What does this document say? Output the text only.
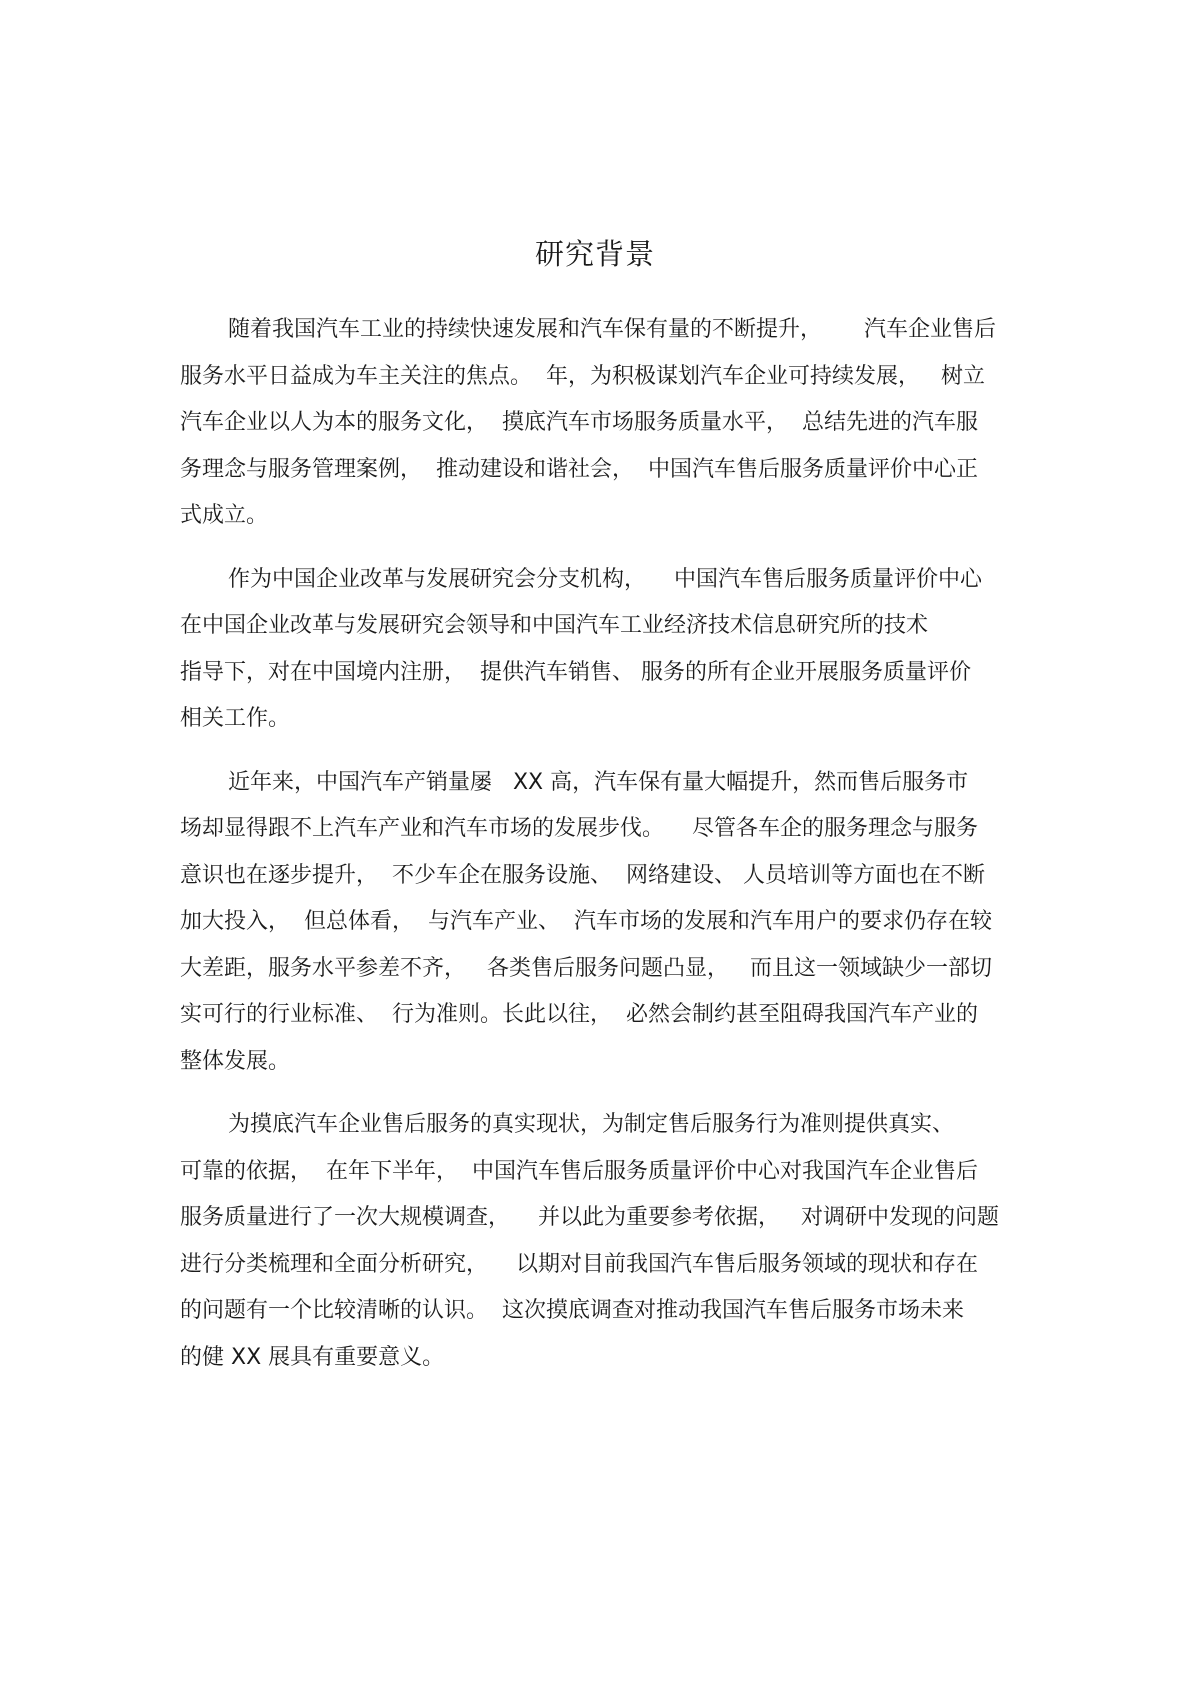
研究背景
随着我国汽车工业的持续快速发展和汽车保有量的不断提升，      汽车企业售后
服务水平日益成为车主关注的焦点。  年，为积极谋划汽车企业可持续发展，   树立
汽车企业以人为本的服务文化，  摸底汽车市场服务质量水平，  总结先进的汽车服
务理念与服务管理案例，  推动建设和谐社会，  中国汽车售后服务质量评价中心正
式成立。
作为中国企业改革与发展研究会分支机构，    中国汽车售后服务质量评价中心
在中国企业改革与发展研究会领导和中国汽车工业经济技术信息研究所的技术
指导下，对在中国境内注册，  提供汽车销售、 服务的所有企业开展服务质量评价
相关工作。
近年来，中国汽车产销量屡   XX 高，汽车保有量大幅提升，然而售后服务市
场却显得跟不上汽车产业和汽车市场的发展步伐。    尽管各车企的服务理念与服务
意识也在逐步提升，  不少车企在服务设施、  网络建设、 人员培训等方面也在不断
加大投入，  但总体看，  与汽车产业、  汽车市场的发展和汽车用户的要求仍存在较
大差距，服务水平参差不齐，   各类售后服务问题凸显，   而且这一领域缺少一部切
实可行的行业标准、  行为准则。长此以往，  必然会制约甚至阻碍我国汽车产业的
整体发展。
为摸底汽车企业售后服务的真实现状，为制定售后服务行为准则提供真实、
可靠的依据，  在年下半年，  中国汽车售后服务质量评价中心对我国汽车企业售后
服务质量进行了一次大规模调查，    并以此为重要参考依据，   对调研中发现的问题
进行分类梳理和全面分析研究，    以期对目前我国汽车售后服务领域的现状和存在
的问题有一个比较清晰的认识。  这次摸底调查对推动我国汽车售后服务市场未来
的健 XX 展具有重要意义。
